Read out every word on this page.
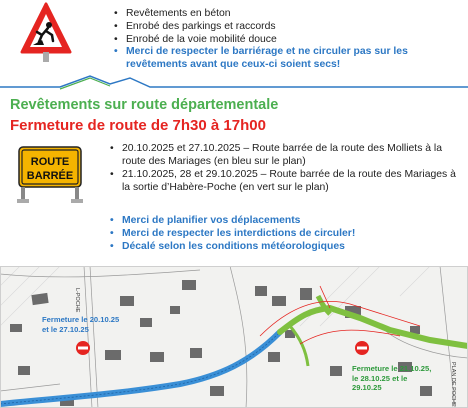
• Revêtements en béton
• Enrobé des parkings et raccords
• Enrobé de la voie mobilité douce
• Merci de respecter le barriérage et ne circuler pas sur les revêtements avant que ceux-ci soient secs!
Revêtements sur route départementale
Fermeture de route de 7h30 à 17h00
ROUTE
BARRÉE
• 20.10.2025 et 27.10.2025 – Route barrée de la route des Molliets à la route des Mariages (en bleu sur le plan)
• 21.10.2025, 28 et 29.10.2025 – Route barrée de la route des Mariages à la sortie d’Habère-Poche (en vert sur le plan)
• Merci de planifier vos déplacements
• Merci de respecter les interdictions de circuler!
• Décalé selon les conditions météorologiques
Fermeture le 20.10.25
et le 27.10.25
Fermeture le 21.10.25,
le 28.10.25 et le
29.10.25
L-POCHE
PLAN DE POCHE
